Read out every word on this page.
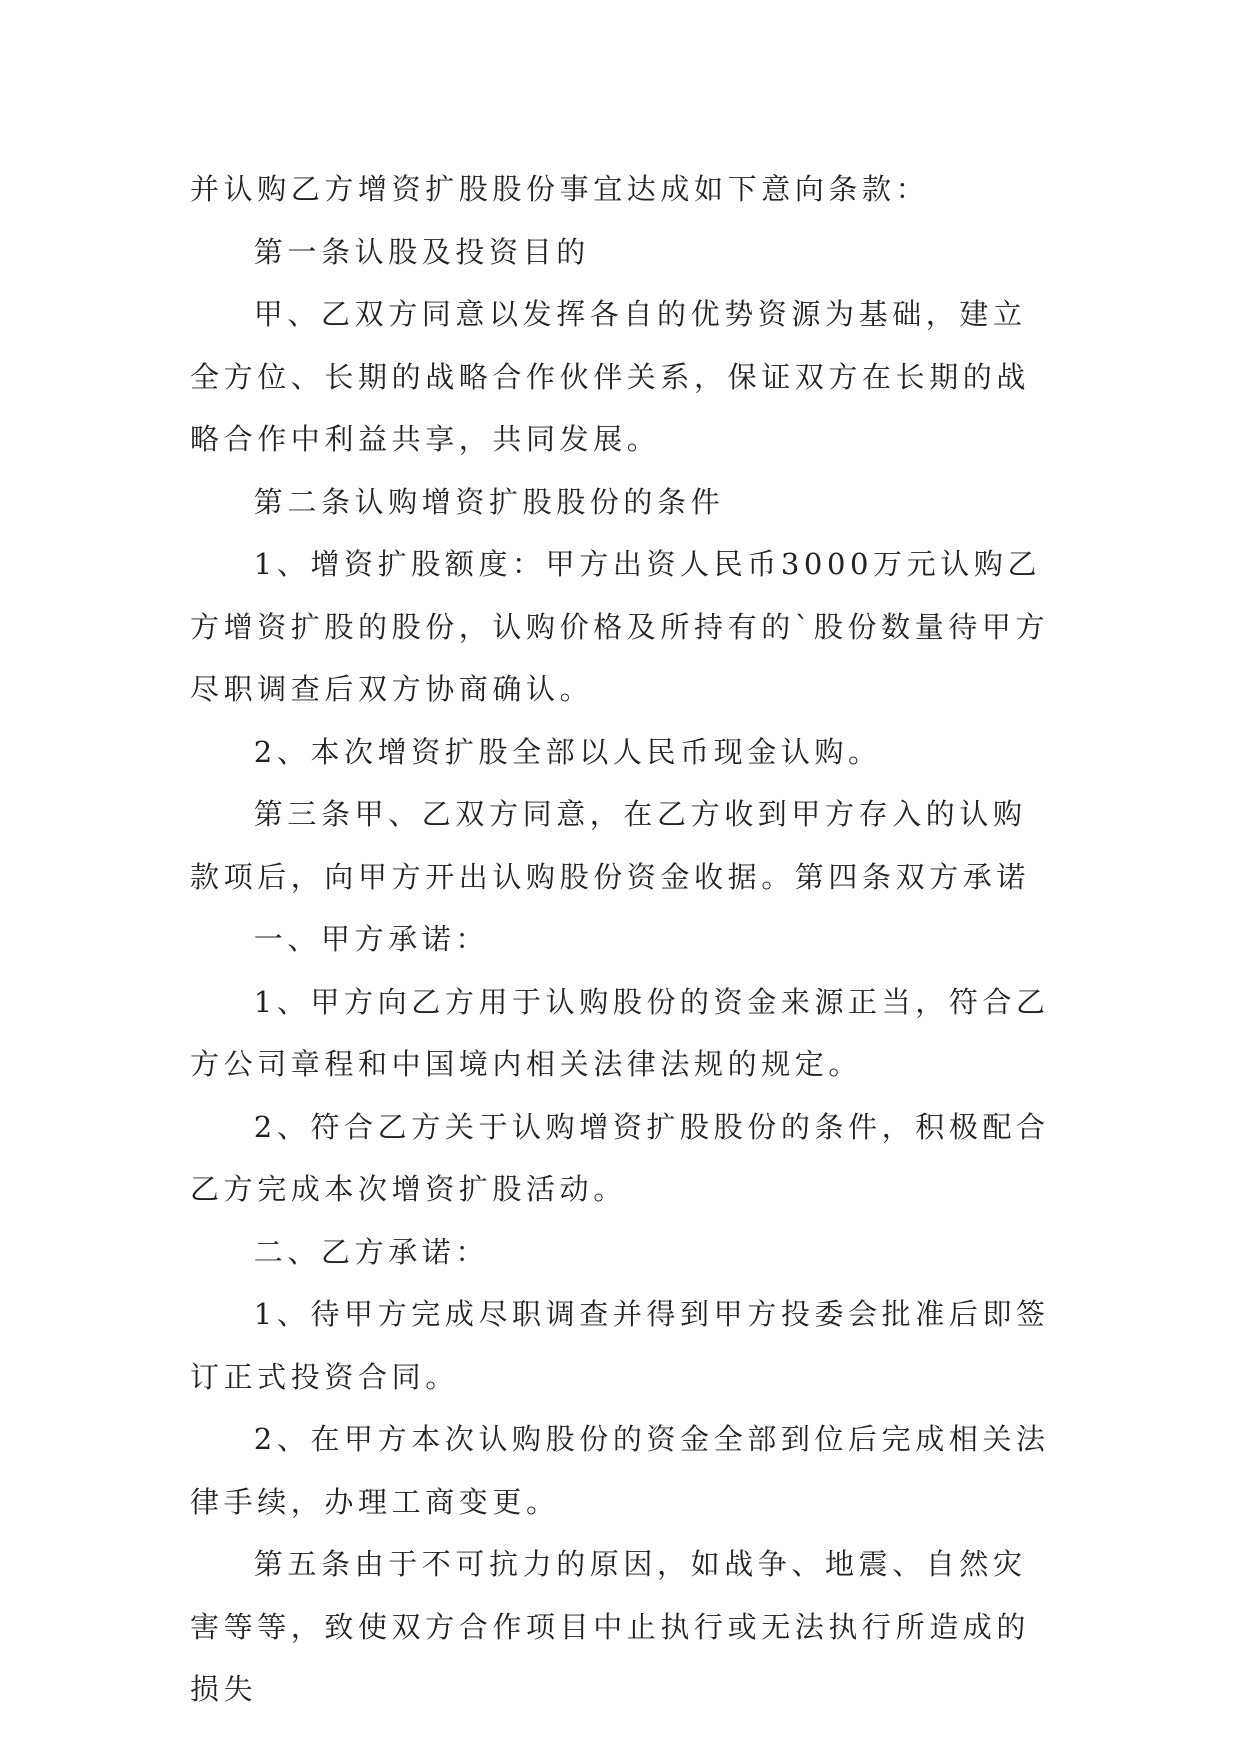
并认购乙方增资扩股股份事宜达成如下意向条款：

第一条认股及投资目的

甲、乙双方同意以发挥各自的优势资源为基础，建立全方位、长期的战略合作伙伴关系，保证双方在长期的战略合作中利益共享，共同发展。

第二条认购增资扩股股份的条件

1、增资扩股额度：甲方出资人民币3000万元认购乙方增资扩股的股份，认购价格及所持有的`股份数量待甲方尽职调查后双方协商确认。

2、本次增资扩股全部以人民币现金认购。

第三条甲、乙双方同意，在乙方收到甲方存入的认购款项后，向甲方开出认购股份资金收据。第四条双方承诺

一、甲方承诺：

1、甲方向乙方用于认购股份的资金来源正当，符合乙方公司章程和中国境内相关法律法规的规定。

2、符合乙方关于认购增资扩股股份的条件，积极配合乙方完成本次增资扩股活动。

二、乙方承诺：

1、待甲方完成尽职调查并得到甲方投委会批准后即签订正式投资合同。

2、在甲方本次认购股份的资金全部到位后完成相关法律手续，办理工商变更。

第五条由于不可抗力的原因，如战争、地震、自然灾害等等，致使双方合作项目中止执行或无法执行所造成的损失
